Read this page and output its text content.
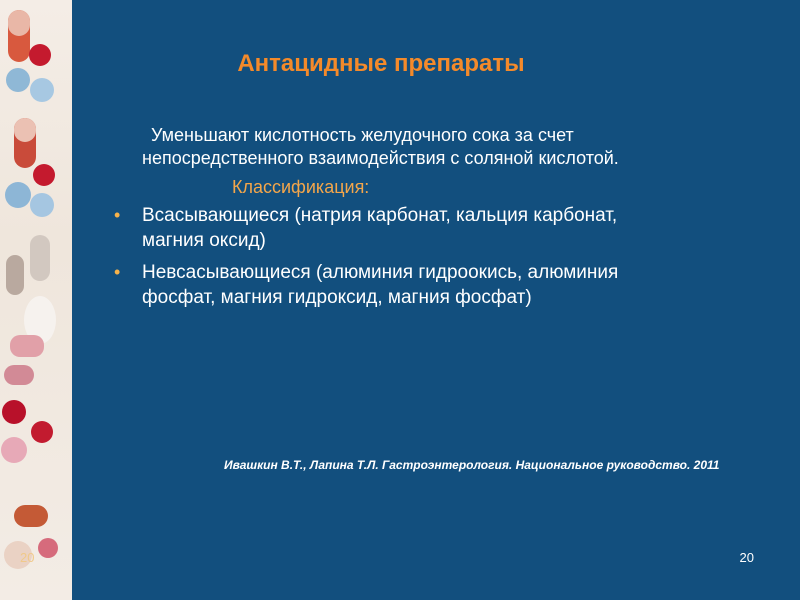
20
Антацидные препараты
Уменьшают кислотность желудочного сока за счет
непосредственного взаимодействия с соляной кислотой.
Классификация:
• Всасывающиеся (натрия карбонат, кальция карбонат,
магния оксид)
• Невсасывающиеся (алюминия гидроокись, алюминия
фосфат, магния гидроксид, магния фосфат)
Ивашкин В.Т., Лапина Т.Л. Гастроэнтерология. Национальное руководство. 2011
20
